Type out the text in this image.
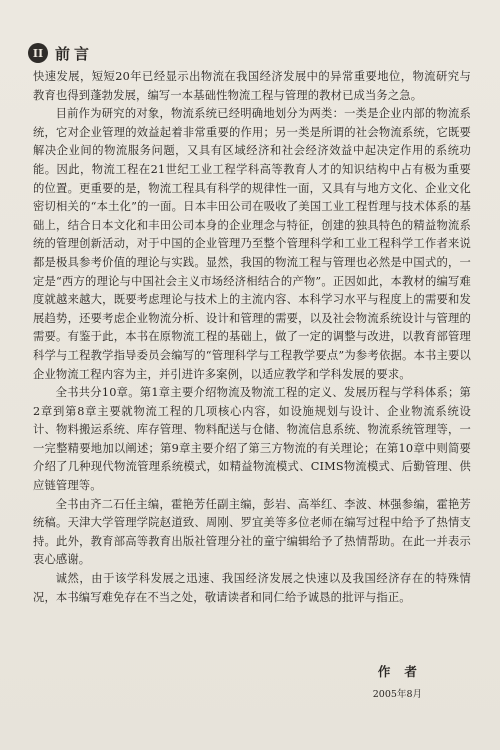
II 前言

快速发展，短短20年已经显示出物流在我国经济发展中的异常重要地位，物流研究与教育也得到蓬勃发展，编写一本基础性物流工程与管理的教材已成当务之急。

目前作为研究的对象，物流系统已经明确地划分为两类：一类是企业内部的物流系统，它对企业管理的效益起着非常重要的作用；另一类是所谓的社会物流系统，它既要解决企业间的物流服务问题，又具有区域经济和社会经济效益中起决定作用的系统功能。因此，物流工程在21世纪工业工程学科高等教育人才的知识结构中占有极为重要的位置。更重要的是，物流工程具有科学的规律性一面，又具有与地方文化、企业文化密切相关的“本土化”的一面。日本丰田公司在吸收了美国工业工程哲理与技术体系的基础上，结合日本文化和丰田公司本身的企业理念与特征，创建的独具特色的精益物流系统的管理创新活动，对于中国的企业管理乃至整个管理科学和工业工程科学工作者来说都是极具参考价值的理论与实践。显然，我国的物流工程与管理也必然是中国式的，一定是“西方的理论与中国社会主义市场经济相结合的产物”。正因如此，本教材的编写难度就越来越大，既要考虑理论与技术上的主流内容、本科学习水平与程度上的需要和发展趋势，还要考虑企业物流分析、设计和管理的需要，以及社会物流系统设计与管理的需要。有鉴于此，本书在原物流工程的基础上，做了一定的调整与改进，以教育部管理科学与工程教学指导委员会编写的“管理科学与工程教学要点”为参考依据。本书主要以企业物流工程内容为主，并引进许多案例，以适应教学和学科发展的要求。

全书共分10章。第1章主要介绍物流及物流工程的定义、发展历程与学科体系；第2章到第8章主要就物流工程的几项核心内容，如设施规划与设计、企业物流系统设计、物料搬运系统、库存管理、物料配送与仓储、物流信息系统、物流系统管理等，一一完整精要地加以阐述；第9章主要介绍了第三方物流的有关理论；在第10章中则简要介绍了几种现代物流管理系统模式，如精益物流模式、CIMS物流模式、后勤管理、供应链管理等。

全书由齐二石任主编，霍艳芳任副主编，彭岩、高举红、李波、林强参编，霍艳芳统稿。天津大学管理学院赵道致、周刚、罗宜美等多位老师在编写过程中给予了热情支持。此外，教育部高等教育出版社管理分社的童宁编辑给予了热情帮助。在此一并表示衷心感谢。

诚然，由于该学科发展之迅速、我国经济发展之快速以及我国经济存在的特殊情况，本书编写难免存在不当之处，敬请读者和同仁给予诚恳的批评与指正。

作者
2005年8月
